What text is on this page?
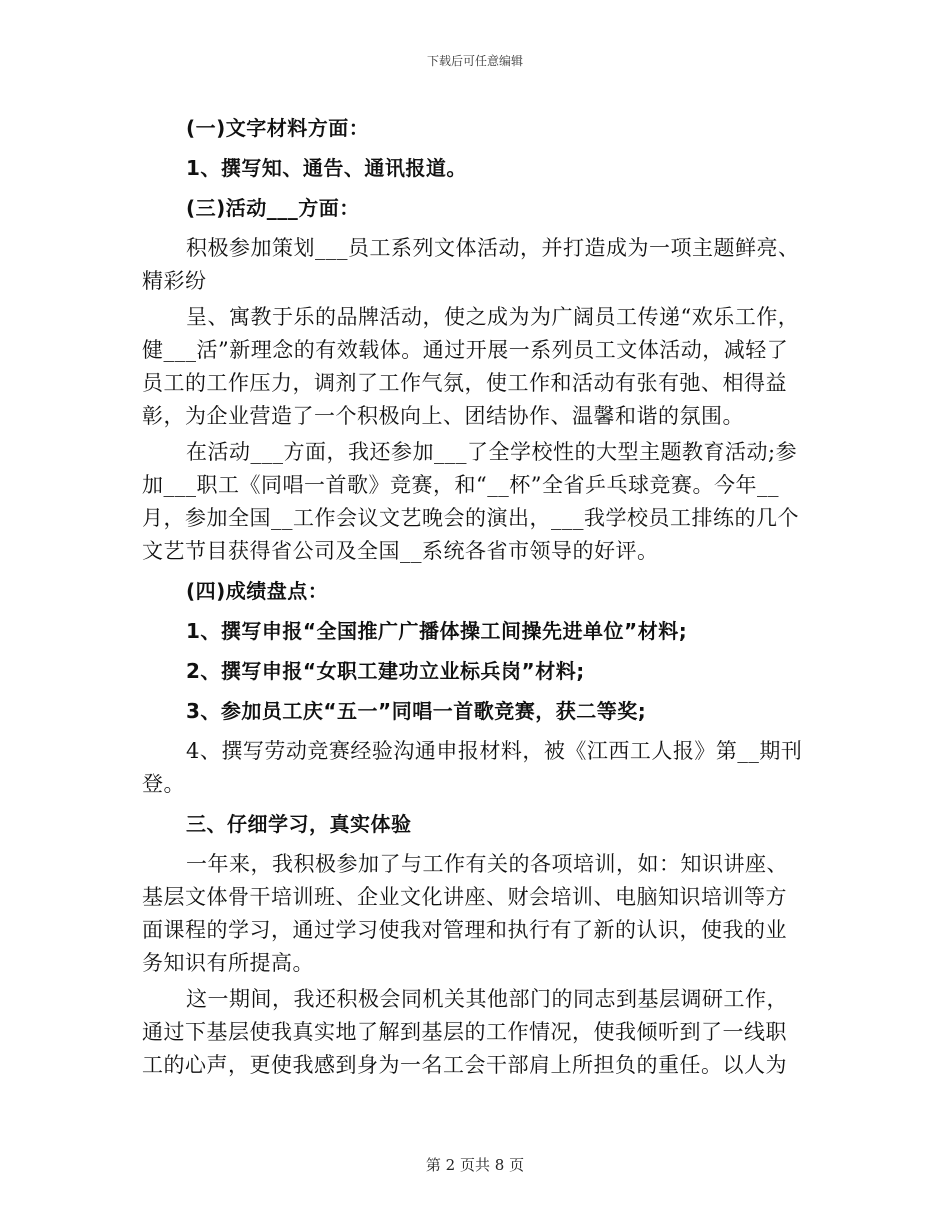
下载后可任意编辑
(一)文字材料方面：
1、撰写知、通告、通讯报道。
(三)活动___方面：
积极参加策划___员工系列文体活动，并打造成为一项主题鲜亮、
精彩纷
呈、寓教于乐的品牌活动，使之成为为广阔员工传递“欢乐工作，
健___活”新理念的有效载体。通过开展一系列员工文体活动，减轻了
员工的工作压力，调剂了工作气氛，使工作和活动有张有弛、相得益
彰，为企业营造了一个积极向上、团结协作、温馨和谐的氛围。
在活动___方面，我还参加___了全学校性的大型主题教育活动;参
加___职工《同唱一首歌》竞赛，和“__杯”全省乒乓球竞赛。今年__
月，参加全国__工作会议文艺晚会的演出，___我学校员工排练的几个
文艺节目获得省公司及全国__系统各省市领导的好评。
(四)成绩盘点：
1、撰写申报“全国推广广播体操工间操先进单位”材料;
2、撰写申报“女职工建功立业标兵岗”材料;
3、参加员工庆“五一”同唱一首歌竞赛，获二等奖;
4、撰写劳动竞赛经验沟通申报材料，被《江西工人报》第__期刊
登。
三、仔细学习，真实体验
一年来，我积极参加了与工作有关的各项培训，如：知识讲座、
基层文体骨干培训班、企业文化讲座、财会培训、电脑知识培训等方
面课程的学习，通过学习使我对管理和执行有了新的认识，使我的业
务知识有所提高。
这一期间，我还积极会同机关其他部门的同志到基层调研工作，
通过下基层使我真实地了解到基层的工作情况，使我倾听到了一线职
工的心声，更使我感到身为一名工会干部肩上所担负的重任。以人为
第 2 页共 8 页
